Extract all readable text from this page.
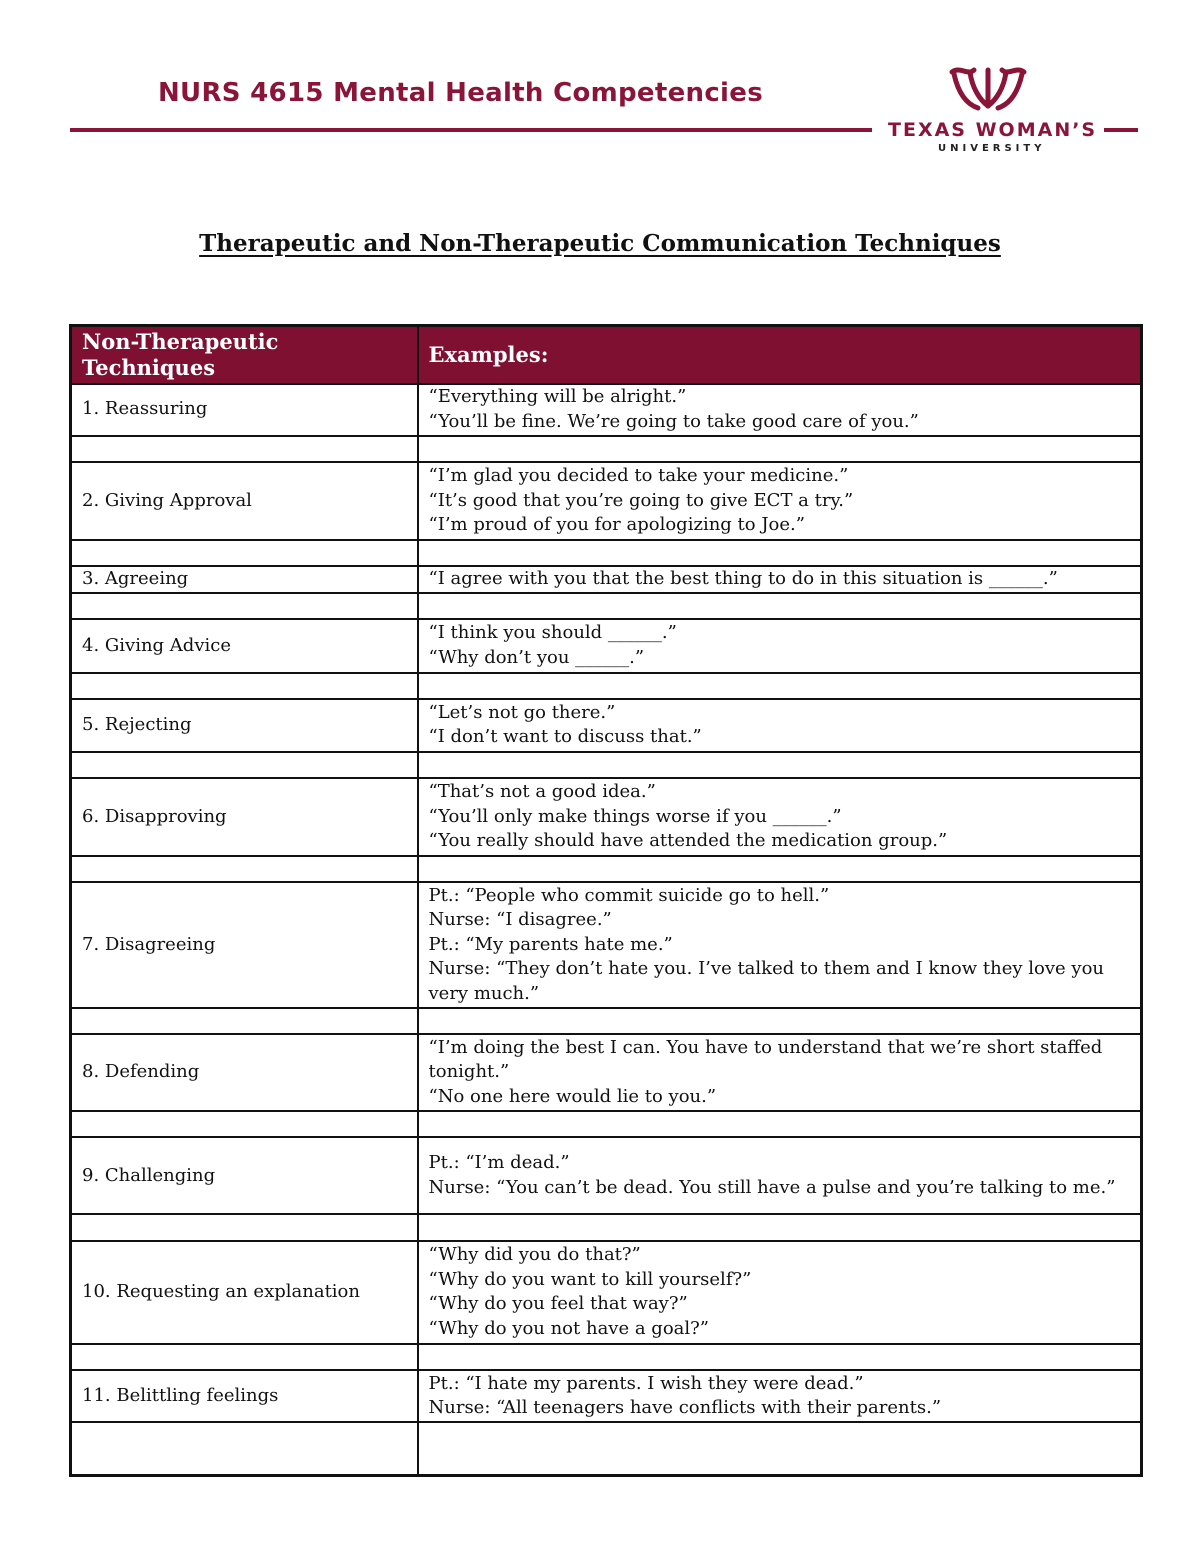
NURS 4615 Mental Health Competencies
TEXAS WOMAN’S
UNIVERSITY
Therapeutic and Non-Therapeutic Communication Techniques
Non-Therapeutic Techniques	Examples:
1. Reassuring	“Everything will be alright.”
“You’ll be fine. We’re going to take good care of you.”

2. Giving Approval	“I’m glad you decided to take your medicine.”
“It’s good that you’re going to give ECT a try.”
“I’m proud of you for apologizing to Joe.”

3. Agreeing	“I agree with you that the best thing to do in this situation is ______.”

4. Giving Advice	“I think you should ______.”
“Why don’t you ______.”

5. Rejecting	“Let’s not go there.”
“I don’t want to discuss that.”

6. Disapproving	“That’s not a good idea.”
“You’ll only make things worse if you ______.”
“You really should have attended the medication group.”

7. Disagreeing	Pt.: “People who commit suicide go to hell.”
Nurse: “I disagree.”
Pt.: “My parents hate me.”
Nurse: “They don’t hate you. I’ve talked to them and I know they love you very much.”

8. Defending	“I’m doing the best I can. You have to understand that we’re short staffed tonight.”
“No one here would lie to you.”

9. Challenging	Pt.: “I’m dead.”
Nurse: “You can’t be dead. You still have a pulse and you’re talking to me.”

10. Requesting an explanation	“Why did you do that?”
“Why do you want to kill yourself?”
“Why do you feel that way?”
“Why do you not have a goal?”

11. Belittling feelings	Pt.: “I hate my parents. I wish they were dead.”
Nurse: “All teenagers have conflicts with their parents.”
